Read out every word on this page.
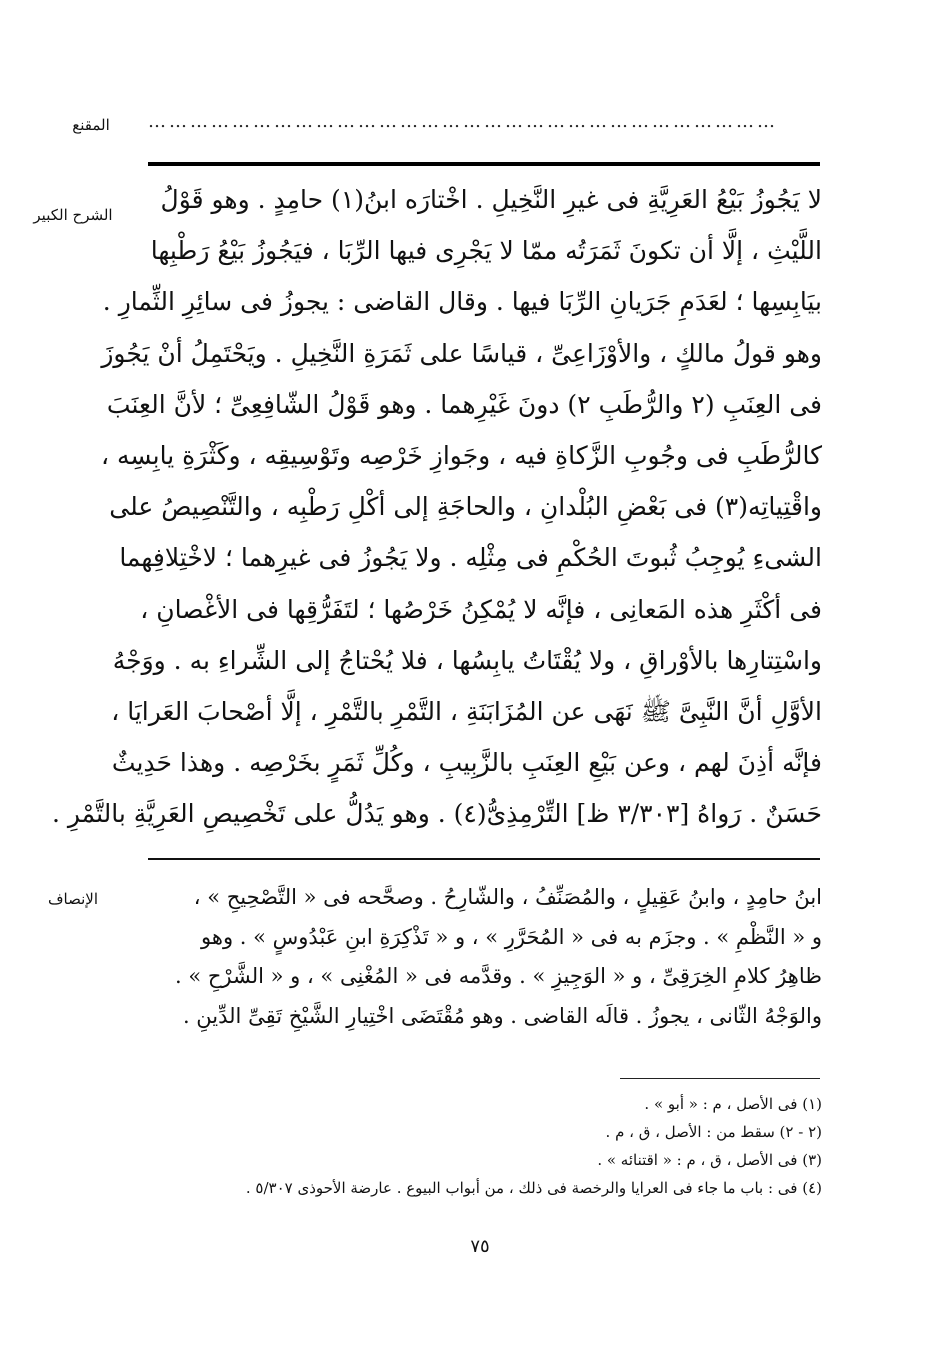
المقنع	………………………………………………………………………………
الشرح الكبير
لا يَجُوزُ بَيْعُ العَرِيَّةِ فى غيرِ النَّخِيلِ . اخْتارَه ابنُ(١) حامِدٍ . وهو قَوْلُ
اللَّيْثِ ، إلَّا أن تكونَ ثَمَرَتُه ممّا لا يَجْرِى فيها الرِّبَا ، فيَجُوزُ بَيْعُ رَطْبِها
بيَابِسِها ؛ لعَدَمِ جَرَيانِ الرِّبَا فيها . وقال القاضى : يجوزُ فى سائِرِ الثِّمارِ .
وهو قولُ مالكٍ ، والأوْزَاعِىِّ ، قياسًا على ثَمَرَةِ النَّخِيلِ . ويَحْتَمِلُ أنْ يَجُوزَ
فى العِنَبِ (٢ والرُّطَبِ ٢) دونَ غَيْرِهما . وهو قَوْلُ الشّافِعِىِّ ؛ لأنَّ العِنَبَ
كالرُّطَبِ فى وجُوبِ الزَّكاةِ فيه ، وجَوازِ خَرْصِه وتَوْسِيقِه ، وكَثْرَةِ يابِسِه ،
واقْتِياتِه(٣) فى بَعْضِ البُلْدانِ ، والحاجَةِ إلى أكْلِ رَطْبِه ، والتَّنْصِيصُ على
الشىءِ يُوجِبُ ثُبوتَ الحُكْمِ فى مِثْلِه . ولا يَجُوزُ فى غيرِهما ؛ لاخْتِلافِهما
فى أكْثَرِ هذه المَعانِى ، فإنَّه لا يُمْكِنُ خَرْصُها ؛ لتَفَرُّقِها فى الأغْصانِ ،
واسْتِتارِها بالأوْراقِ ، ولا يُقْتَاتُ يابِسُها ، فلا يُحْتاجُ إلى الشِّراءِ به . ووَجْهُ
الأوَّلِ أنَّ النَّبِىَّ ﷺ نَهَى عن المُزَابَنَةِ ، التَّمْرِ بالتَّمْرِ ، إلَّا أصْحابَ العَرايَا ،
فإنَّه أذِنَ لهم ، وعن بَيْعِ العِنَبِ بالزَّبِيبِ ، وكُلِّ ثَمَرٍ بخَرْصِه . وهذا حَدِيثٌ
حَسَنٌ . رَواهُ [٣/٣٠٣ ظ] التِّرْمِذِىُّ(٤) . وهو يَدُلُّ على تَخْصِيصِ العَرِيَّةِ بالتَّمْرِ .
الإنصاف	ابنُ حامِدٍ ، وابنُ عَقِيلٍ ، والمُصَنِّفُ ، والشّارِحُ . وصحَّحه فى « التَّصْحِيحِ » ،
و « النَّظْمِ » . وجزَم به فى « المُحَرَّرِ » ، و « تَذْكِرَةِ ابنِ عَبْدُوسٍ » . وهو
ظاهِرُ كلامِ الخِرَقِىِّ ، و « الوَجِيزِ » . وقدَّمه فى « المُغْنِى » ، و « الشَّرْحِ » .
والوَجْهُ الثّانى ، يجوزُ . قالَه القاضى . وهو مُقْتَضَى اخْتِيارِ الشَّيْخِ تَقِىِّ الدِّينِ .
(١) فى الأصل ، م : « أبو » .
(٢ - ٢) سقط من : الأصل ، ق ، م .
(٣) فى الأصل ، ق ، م : « اقتنائه » .
(٤) فى : باب ما جاء فى العرايا والرخصة فى ذلك ، من أبواب البيوع . عارضة الأحوذى ٥/٣٠٧ .
٧٥
